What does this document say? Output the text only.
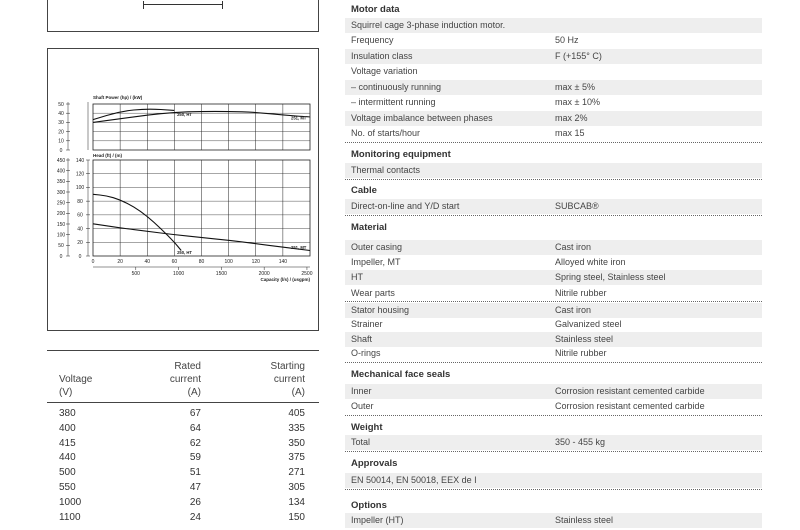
50
40
30
20
10
0
450
400
350
300
250
200
150
100
50
0
140
120
100
80
60
40
20
0
Shaft Power (hp) / (kW)
Head (ft) / (m)
0	20	40	60	80	100	120	140
500	1000	1500	2000	2500
Capacity (l/s) / (usgpm)
250, HT
251, MT
250, HT
251, MT
Voltage
(V)
Rated
current
(A)
Starting
current
(A)
380	67	405
400	64	335
415	62	350
440	59	375
500	51	271
550	47	305
1000	26	134
1100	24	150
Motor data
Squirrel cage 3-phase induction motor.
Frequency	50 Hz
Insulation class	F (+155° C)
Voltage variation
– continuously running	max ± 5%
– intermittent running	max ± 10%
Voltage imbalance between phases	max 2%
No. of starts/hour	max 15
Monitoring equipment
Thermal contacts
Cable
Direct-on-line and Y/D start	SUBCAB®
Material
Outer casing	Cast iron
Impeller, MT	Alloyed white iron
HT	Spring steel, Stainless steel
Wear parts	Nitrile rubber
Stator housing	Cast iron
Strainer	Galvanized steel
Shaft	Stainless steel
O-rings	Nitrile rubber
Mechanical face seals
Inner	Corrosion resistant cemented carbide
Outer	Corrosion resistant cemented carbide
Weight
Total	350 - 455 kg
Approvals
EN 50014, EN 50018, EEX de I
Options
Impeller (HT)	Stainless steel
